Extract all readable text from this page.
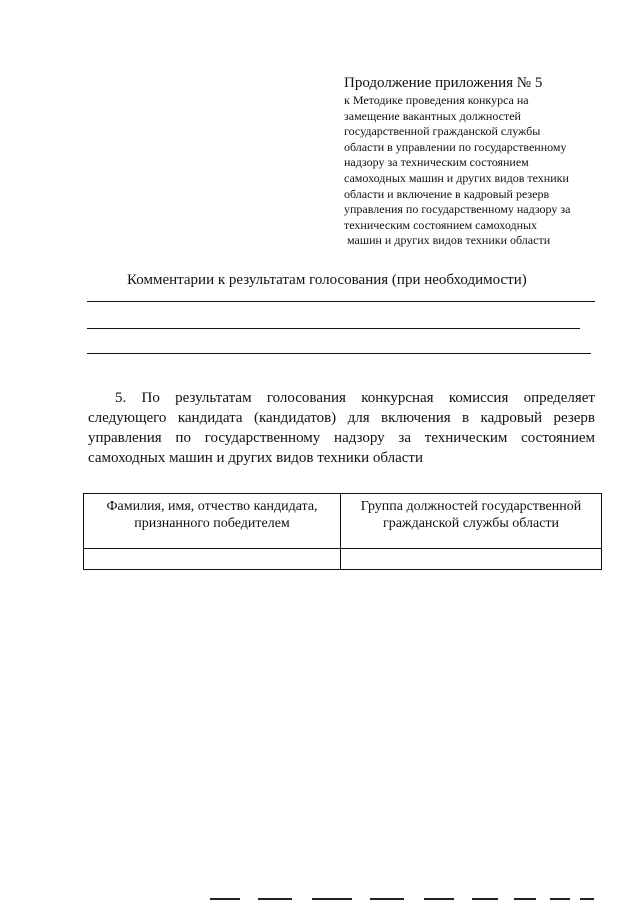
Продолжение приложения № 5
к Методике проведения конкурса на
замещение вакантных должностей
государственной гражданской службы
области в управлении по государственному
надзору за техническим состоянием
самоходных машин и других видов техники
области и включение в кадровый резерв
управления по государственному надзору за
техническим состоянием самоходных
машин и других видов техники области
Комментарии к результатам голосования (при необходимости)
5. По результатам голосования конкурсная комиссия определяет
следующего кандидата (кандидатов) для включения в кадровый резерв
управления по государственному надзору за техническим состоянием
самоходных машин и других видов техники области
Фамилия, имя, отчество кандидата, признанного победителем	Группа должностей государственной гражданской службы области
